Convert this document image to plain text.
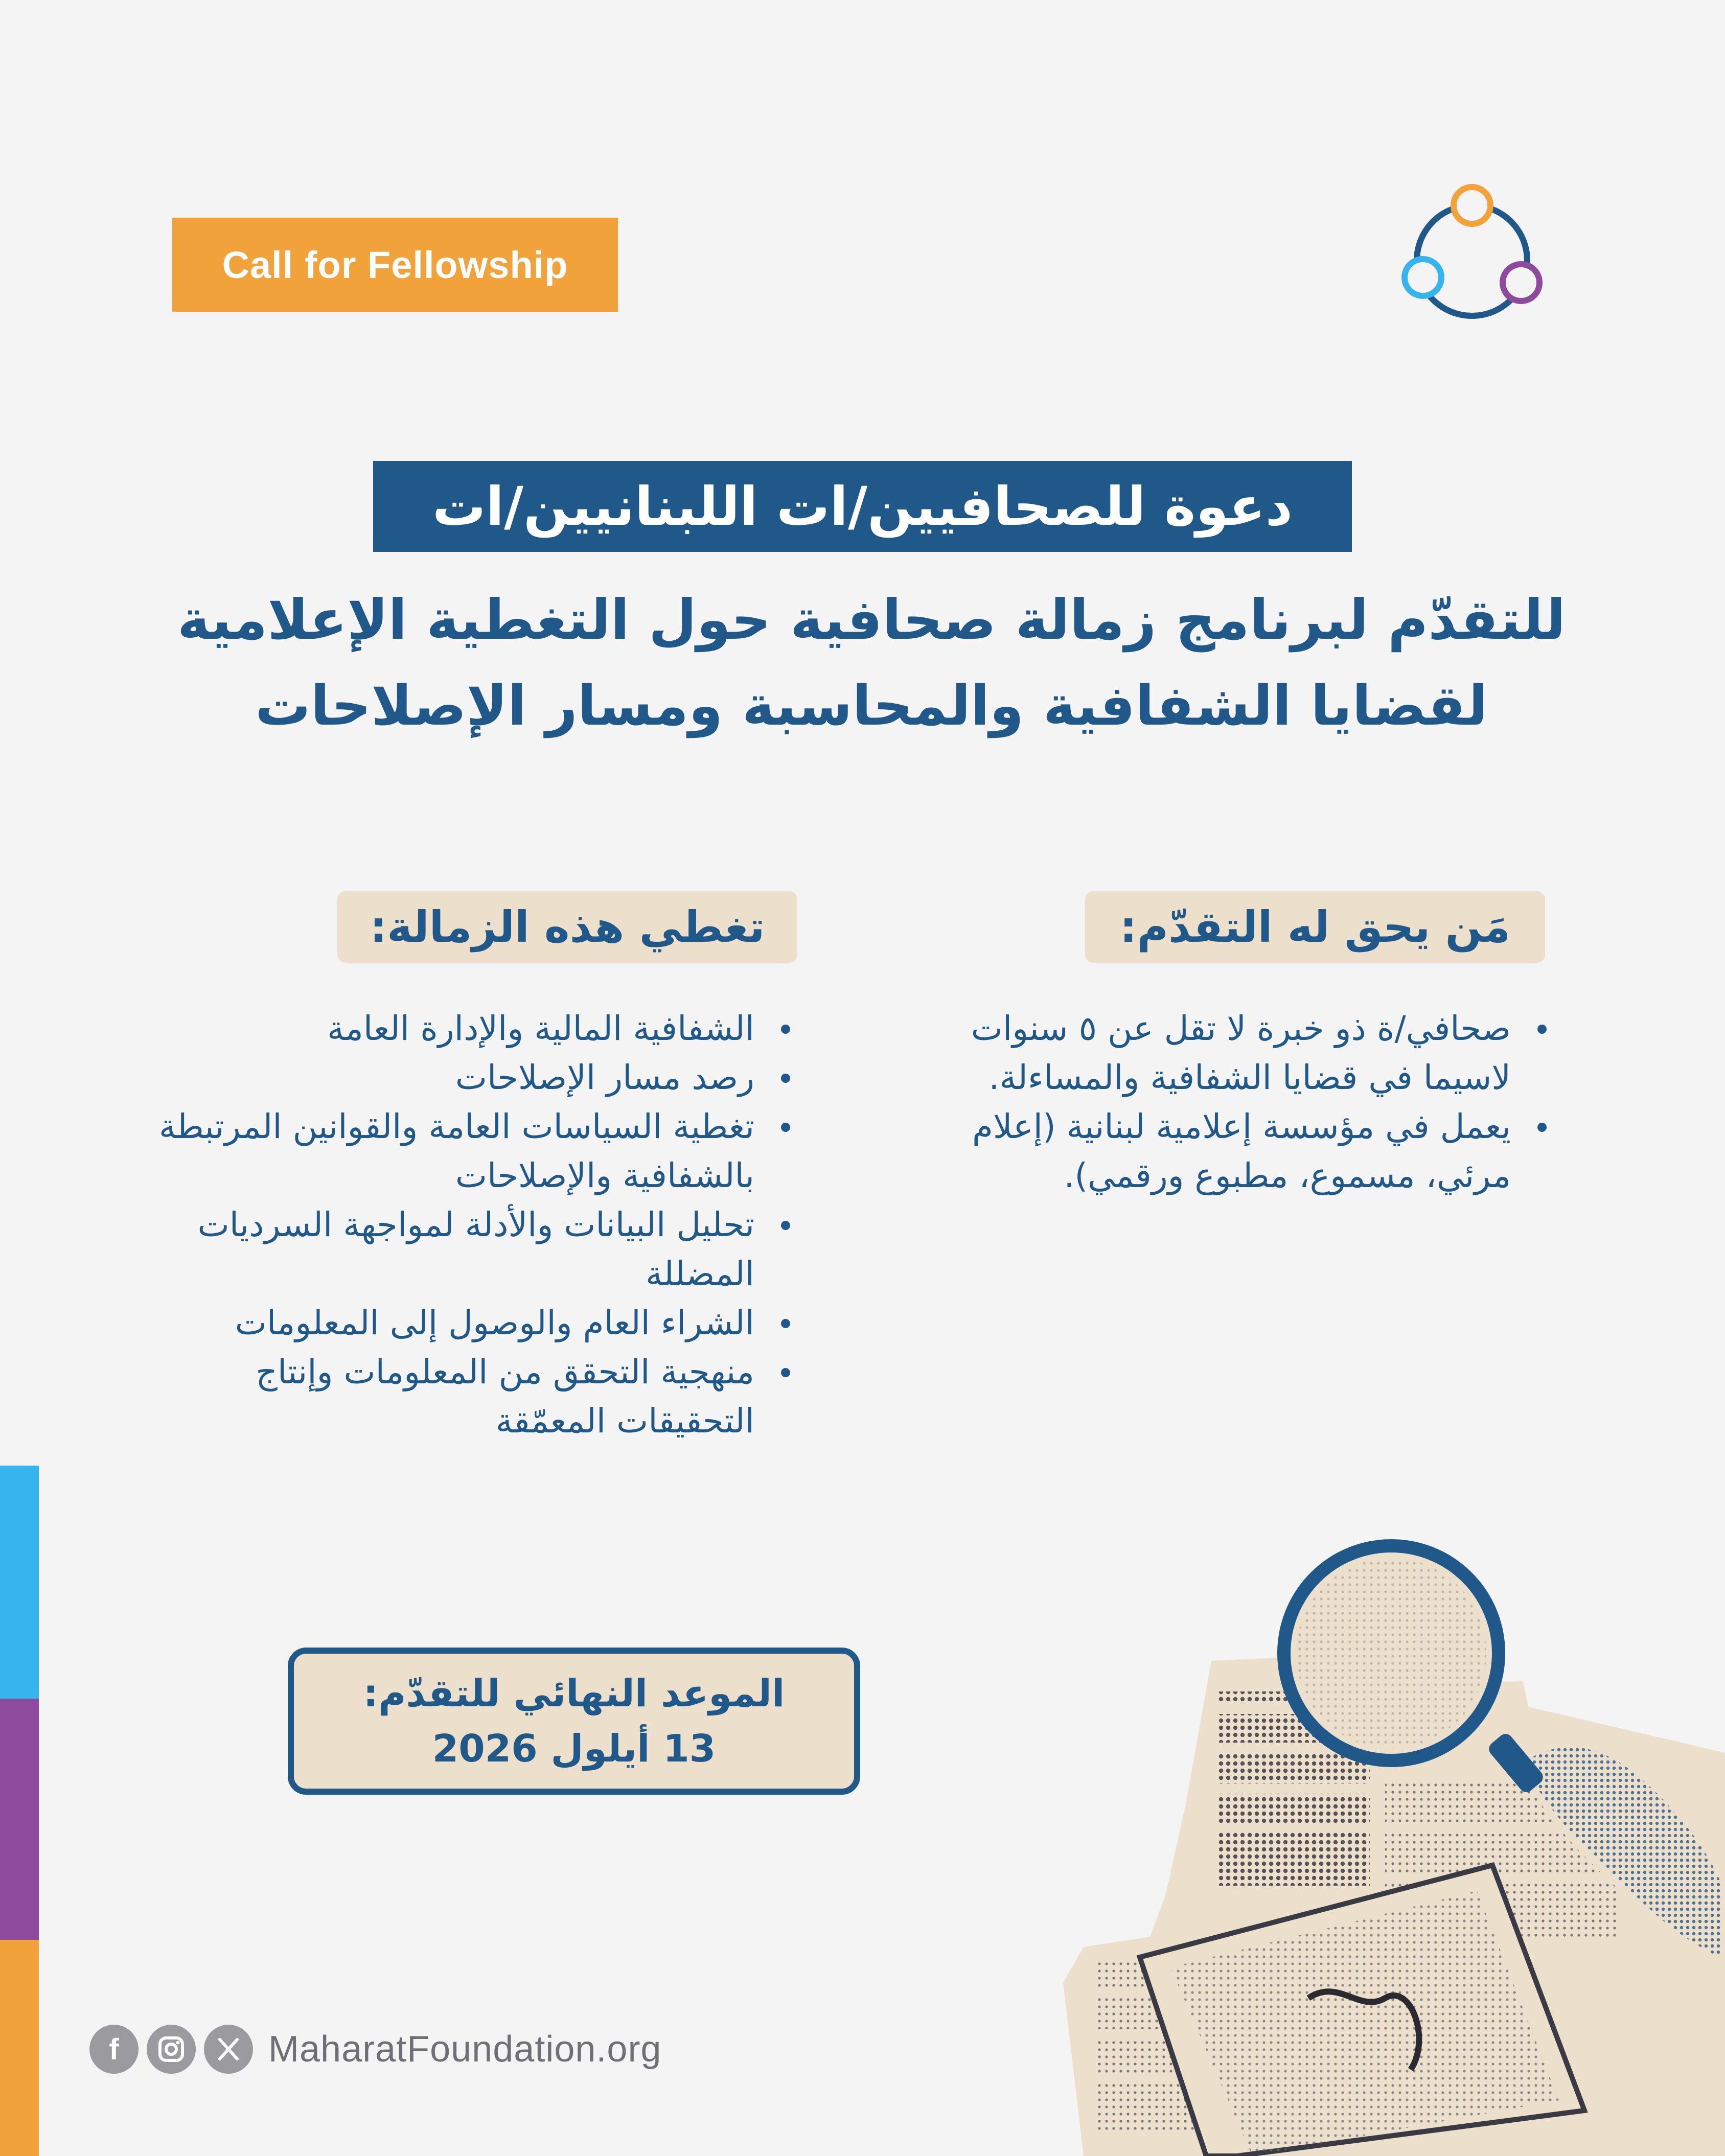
Call for Fellowship
دعوة للصحافيين/ات اللبنانيين/ات
للتقدّم لبرنامج زمالة صحافية حول التغطية الإعلامية
لقضايا الشفافية والمحاسبة ومسار الإصلاحات
مَن يحق له التقدّم:
صحافي/ة ذو خبرة لا تقل عن ٥ سنوات لاسيما في قضايا الشفافية والمساءلة.
يعمل في مؤسسة إعلامية لبنانية (إعلام مرئي، مسموع، مطبوع ورقمي).
تغطي هذه الزمالة:
الشفافية المالية والإدارة العامة
رصد مسار الإصلاحات
تغطية السياسات العامة والقوانين المرتبطة بالشفافية والإصلاحات
تحليل البيانات والأدلة لمواجهة السرديات المضللة
الشراء العام والوصول إلى المعلومات
منهجية التحقق من المعلومات وإنتاج التحقيقات المعمّقة
الموعد النهائي للتقدّم:
13 أيلول 2026
f	MaharatFoundation.org
